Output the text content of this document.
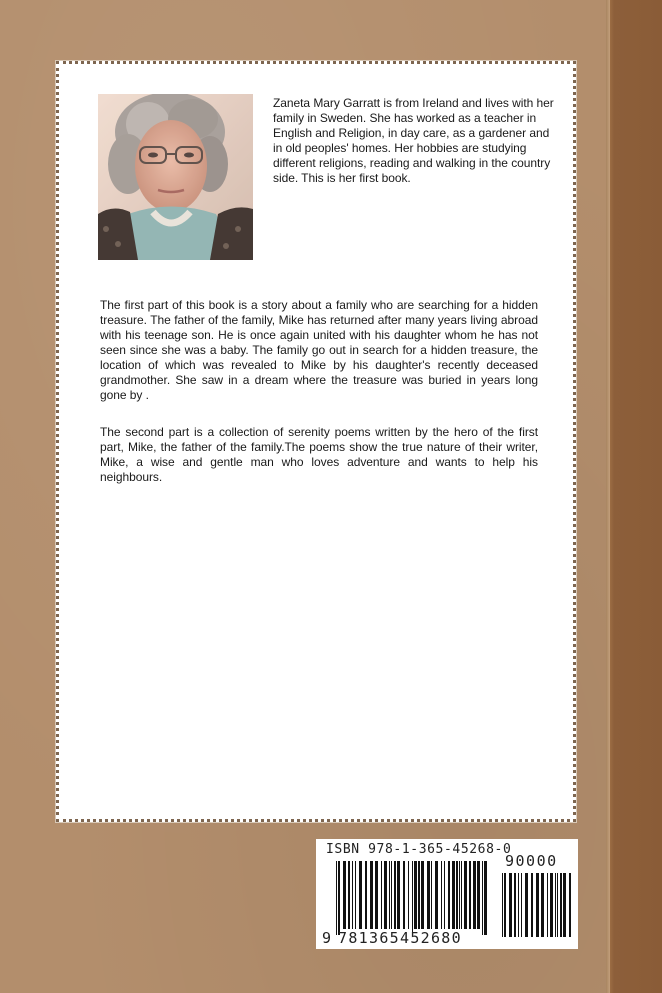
Zaneta Mary Garratt is from Ireland and lives with her family in Sweden. She has worked as a teacher in English and Religion, in day care, as a gardener and in old peoples' homes. Her hobbies are studying different religions, reading and walking in the country side. This is her first book.

The first part of this book is a story about a family who are searching for a hidden treasure. The father of the family, Mike has returned after many years living abroad with his teenage son. He is once again united with his daughter whom he has not seen since she was a baby. The family go out in search for a hidden treasure, the location of which was revealed to Mike by his daughter's recently deceased grandmother. She saw in a dream where the treasure was buried in years long gone by .

The second part is a collection of serenity poems written by the hero of the first part, Mike, the father of the family.The poems show the true nature of their writer, Mike, a wise and gentle man who loves adventure and wants to help his neighbours.

ISBN 978-1-365-45268-0
90000
9 781365452680
